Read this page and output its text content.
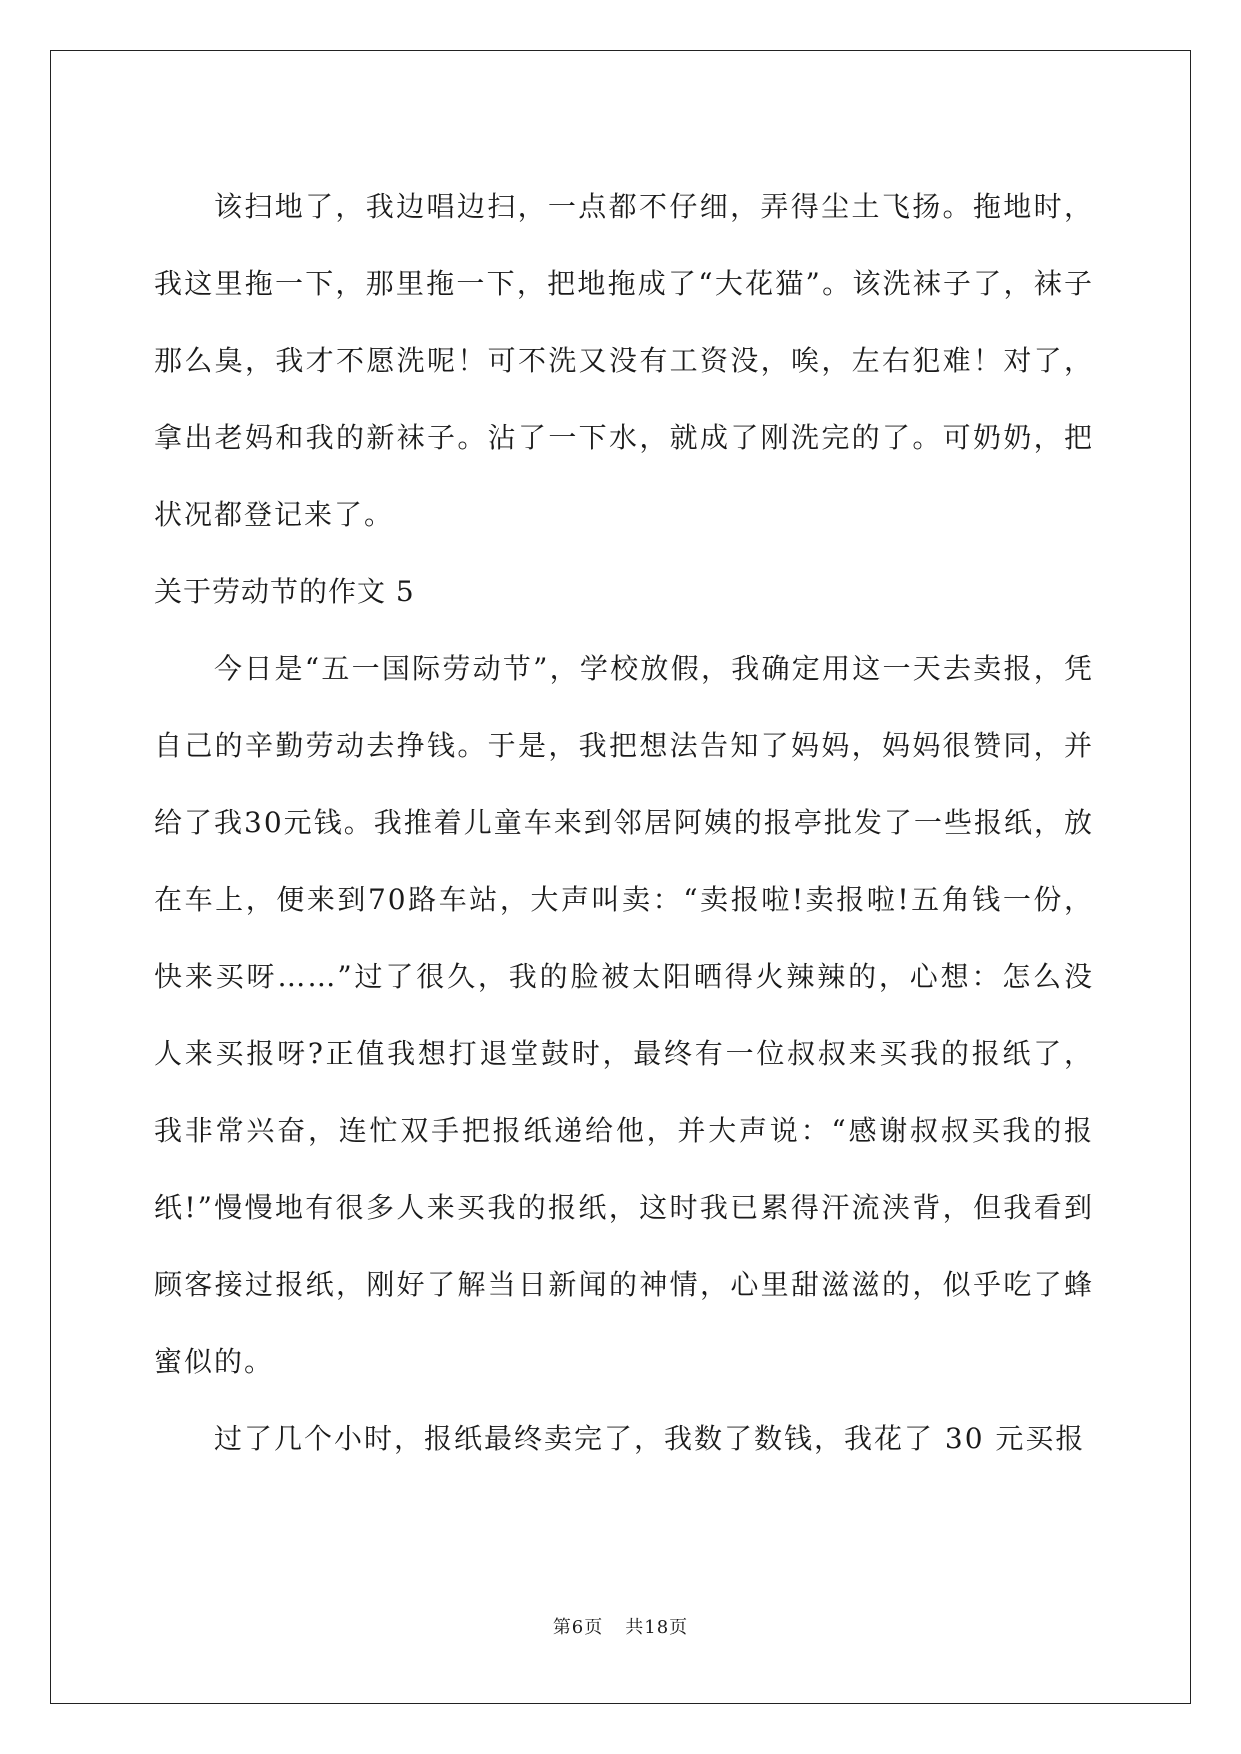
该扫地了，我边唱边扫，一点都不仔细，弄得尘土飞扬。拖地时，我这里拖一下，那里拖一下，把地拖成了“大花猫”。该洗袜子了，袜子那么臭，我才不愿洗呢！可不洗又没有工资没，唉，左右犯难！对了，拿出老妈和我的新袜子。沾了一下水，就成了刚洗完的了。可奶奶，把状况都登记来了。

关于劳动节的作文 5

今日是“五一国际劳动节”，学校放假，我确定用这一天去卖报，凭自己的辛勤劳动去挣钱。于是，我把想法告知了妈妈，妈妈很赞同，并给了我30元钱。我推着儿童车来到邻居阿姨的报亭批发了一些报纸，放在车上，便来到70路车站，大声叫卖：“卖报啦!卖报啦!五角钱一份，快来买呀……”过了很久，我的脸被太阳晒得火辣辣的，心想：怎么没人来买报呀?正值我想打退堂鼓时，最终有一位叔叔来买我的报纸了，我非常兴奋，连忙双手把报纸递给他，并大声说：“感谢叔叔买我的报纸!”慢慢地有很多人来买我的报纸，这时我已累得汗流浃背，但我看到顾客接过报纸，刚好了解当日新闻的神情，心里甜滋滋的，似乎吃了蜂蜜似的。

过了几个小时，报纸最终卖完了，我数了数钱，我花了 30 元买报

第6页 共18页
